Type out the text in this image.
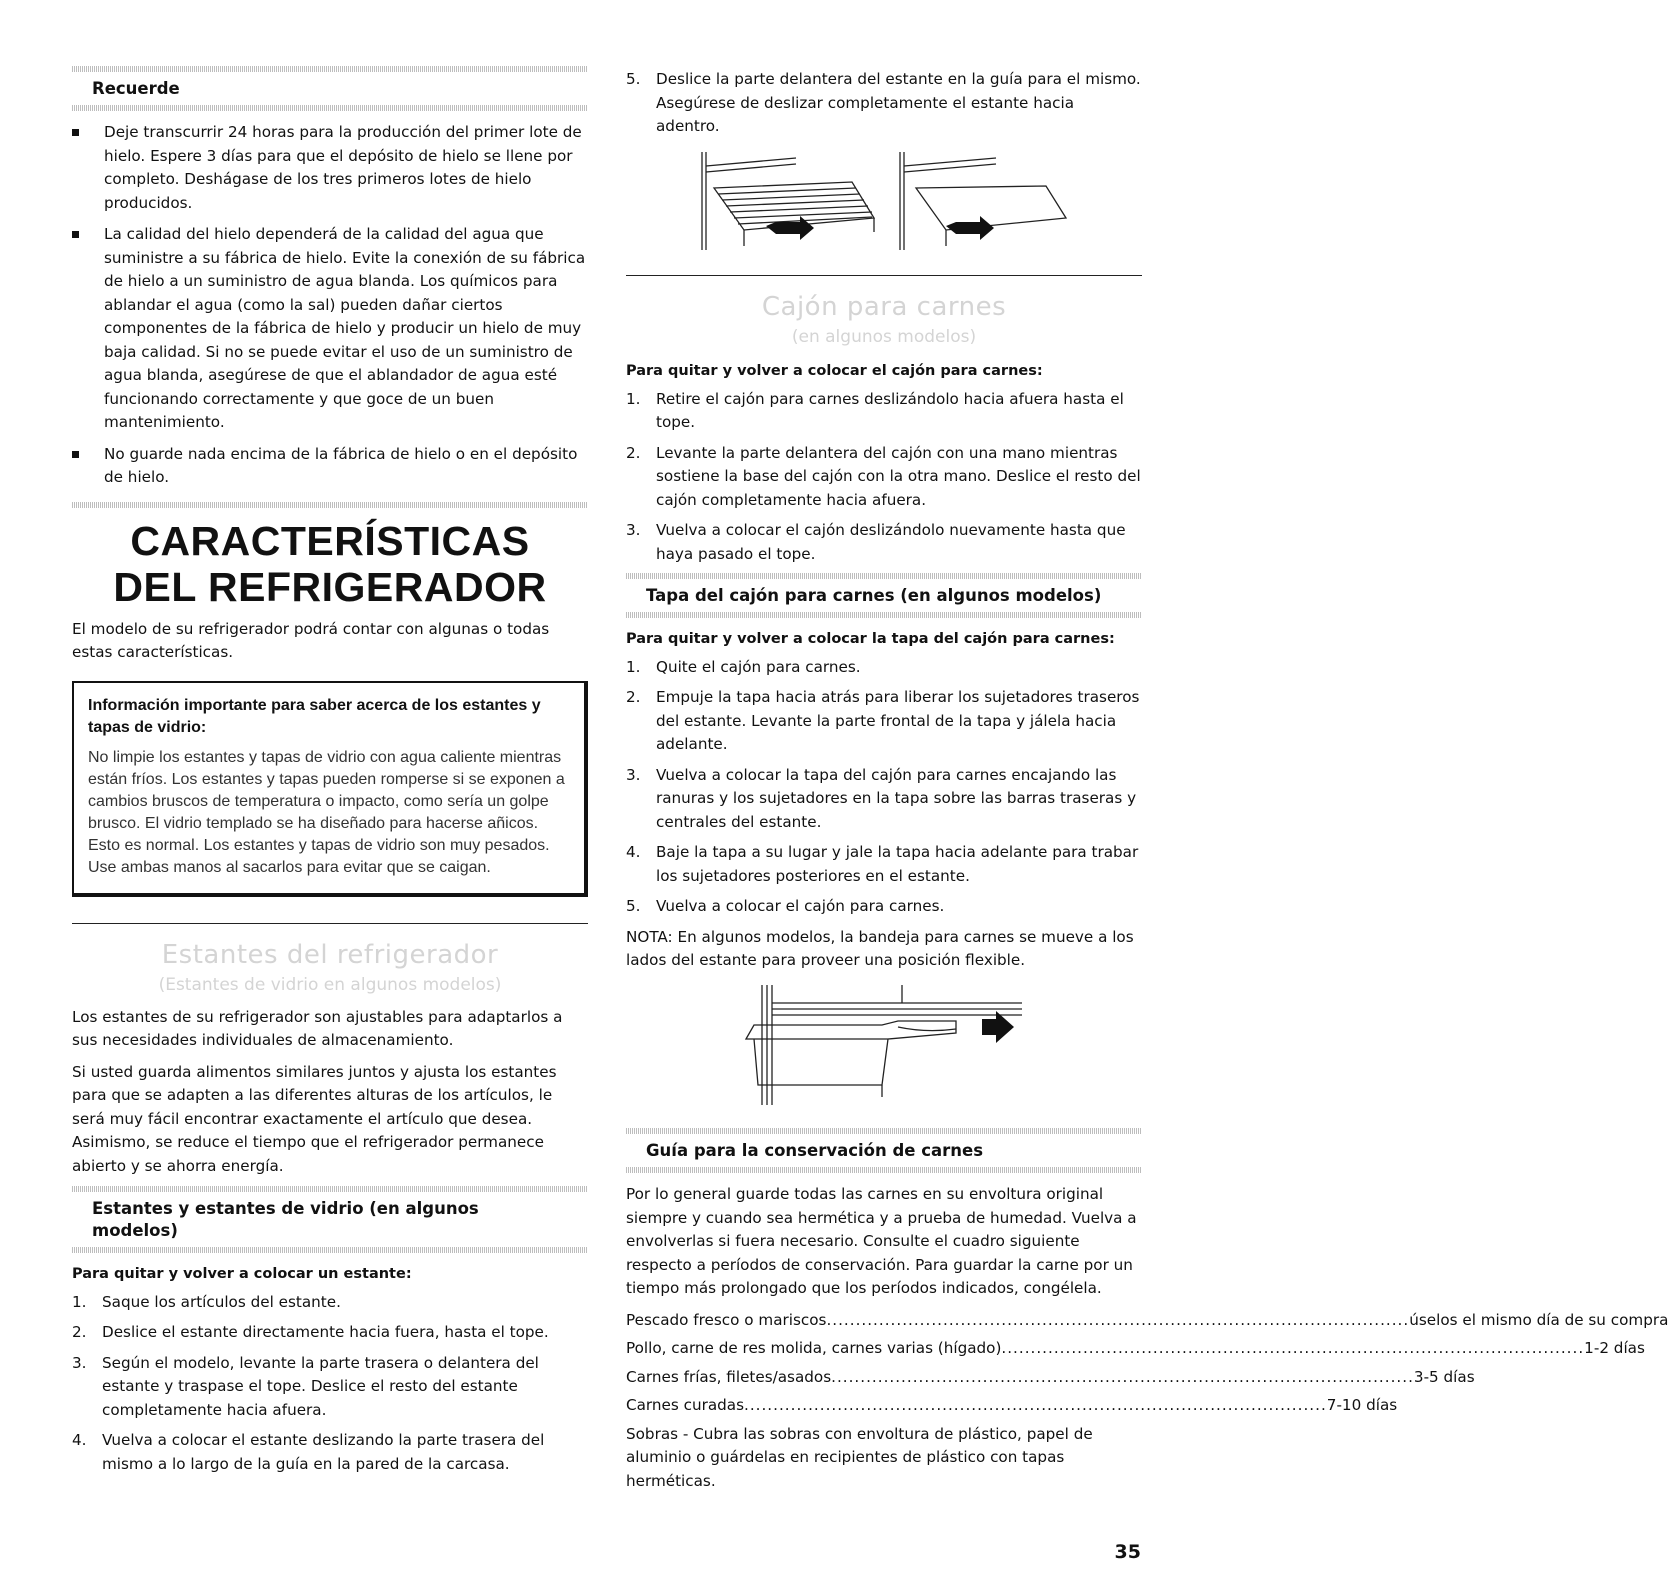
Recuerde
Deje transcurrir 24 horas para la producción del primer lote de hielo. Espere 3 días para que el depósito de hielo se llene por completo. Deshágase de los tres primeros lotes de hielo producidos.
La calidad del hielo dependerá de la calidad del agua que suministre a su fábrica de hielo. Evite la conexión de su fábrica de hielo a un suministro de agua blanda. Los químicos para ablandar el agua (como la sal) pueden dañar ciertos componentes de la fábrica de hielo y producir un hielo de muy baja calidad. Si no se puede evitar el uso de un suministro de agua blanda, asegúrese de que el ablandador de agua esté funcionando correctamente y que goce de un buen mantenimiento.
No guarde nada encima de la fábrica de hielo o en el depósito de hielo.
CARACTERÍSTICAS
DEL REFRIGERADOR

El modelo de su refrigerador podrá contar con algunas o todas estas características.

Información importante para saber acerca de los estantes y tapas de vidrio:
No limpie los estantes y tapas de vidrio con agua caliente mientras están fríos. Los estantes y tapas pueden romperse si se exponen a cambios bruscos de temperatura o impacto, como sería un golpe brusco. El vidrio templado se ha diseñado para hacerse añicos. Esto es normal. Los estantes y tapas de vidrio son muy pesados. Use ambas manos al sacarlos para evitar que se caigan.
Estantes del refrigerador
(Estantes de vidrio en algunos modelos)

Los estantes de su refrigerador son ajustables para adaptarlos a sus necesidades individuales de almacenamiento.

Si usted guarda alimentos similares juntos y ajusta los estantes para que se adapten a las diferentes alturas de los artículos, le será muy fácil encontrar exactamente el artículo que desea. Asimismo, se reduce el tiempo que el refrigerador permanece abierto y se ahorra energía.

Estantes y estantes de vidrio (en algunos modelos)
Para quitar y volver a colocar un estante:
1. Saque los artículos del estante.
2. Deslice el estante directamente hacia fuera, hasta el tope.
3. Según el modelo, levante la parte trasera o delantera del estante y traspase el tope. Deslice el resto del estante completamente hacia afuera.
4. Vuelva a colocar el estante deslizando la parte trasera del mismo a lo largo de la guía en la pared de la carcasa.
5. Deslice la parte delantera del estante en la guía para el mismo. Asegúrese de deslizar completamente el estante hacia adentro.
Cajón para carnes
(en algunos modelos)
Para quitar y volver a colocar el cajón para carnes:
1. Retire el cajón para carnes deslizándolo hacia afuera hasta el tope.
2. Levante la parte delantera del cajón con una mano mientras sostiene la base del cajón con la otra mano. Deslice el resto del cajón completamente hacia afuera.
3. Vuelva a colocar el cajón deslizándolo nuevamente hasta que haya pasado el tope.
Tapa del cajón para carnes (en algunos modelos)
Para quitar y volver a colocar la tapa del cajón para carnes:
1. Quite el cajón para carnes.
2. Empuje la tapa hacia atrás para liberar los sujetadores traseros del estante. Levante la parte frontal de la tapa y jálela hacia adelante.
3. Vuelva a colocar la tapa del cajón para carnes encajando las ranuras y los sujetadores en la tapa sobre las barras traseras y centrales del estante.
4. Baje la tapa a su lugar y jale la tapa hacia adelante para trabar los sujetadores posteriores en el estante.
5. Vuelva a colocar el cajón para carnes.

NOTA: En algunos modelos, la bandeja para carnes se mueve a los lados del estante para proveer una posición flexible.

Guía para la conservación de carnes

Por lo general guarde todas las carnes en su envoltura original siempre y cuando sea hermética y a prueba de humedad. Vuelva a envolverlas si fuera necesario. Consulte el cuadro siguiente respecto a períodos de conservación. Para guardar la carne por un tiempo más prolongado que los períodos indicados, congélela.

Pescado fresco o mariscos .................................................................................................... úselos el mismo día de su compra
Pollo, carne de res molida, carnes varias (hígado) .................................................................................................... 1-2 días
Carnes frías, filetes/asados .................................................................................................... 3-5 días
Carnes curadas .................................................................................................... 7-10 días

Sobras - Cubra las sobras con envoltura de plástico, papel de aluminio o guárdelas en recipientes de plástico con tapas herméticas.

35
